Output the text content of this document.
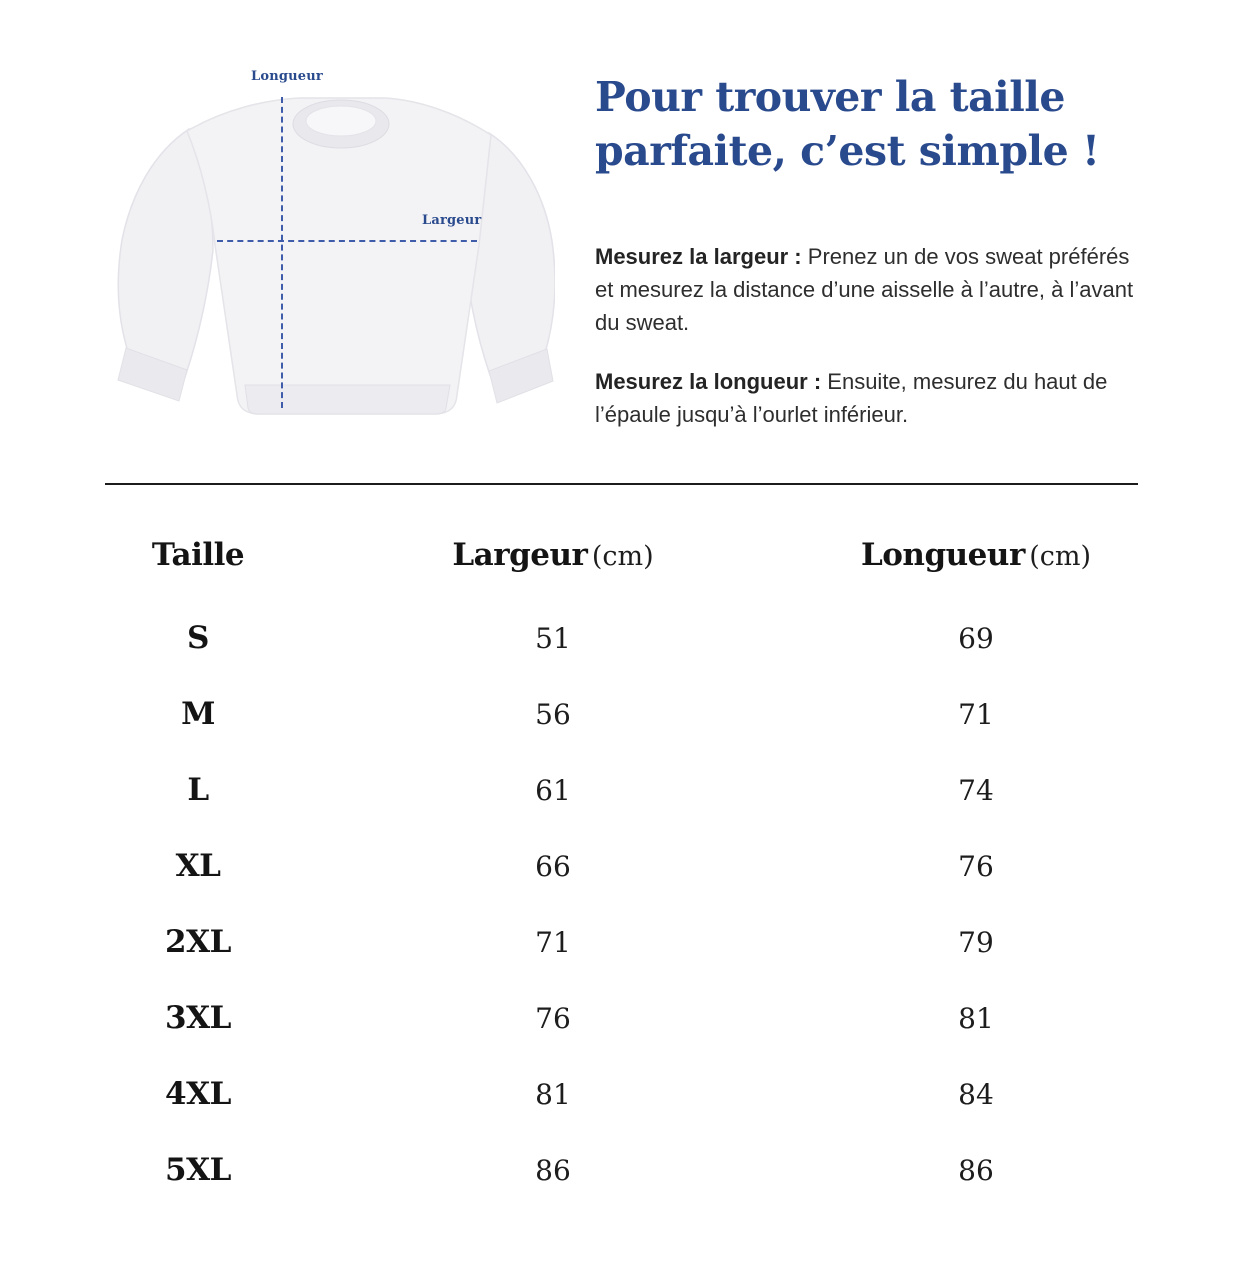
Longueur
Largeur
Pour trouver la taille parfaite, c’est simple !

Mesurez la largeur : Prenez un de vos sweat préférés et mesurez la distance d’une aisselle à l’autre, à l’avant du sweat.

Mesurez la longueur : Ensuite, mesurez du haut de l’épaule jusqu’à l’ourlet inférieur.

Taille	Largeur (cm)	Longueur (cm)
S	51	69
M	56	71
L	61	74
XL	66	76
2XL	71	79
3XL	76	81
4XL	81	84
5XL	86	86
